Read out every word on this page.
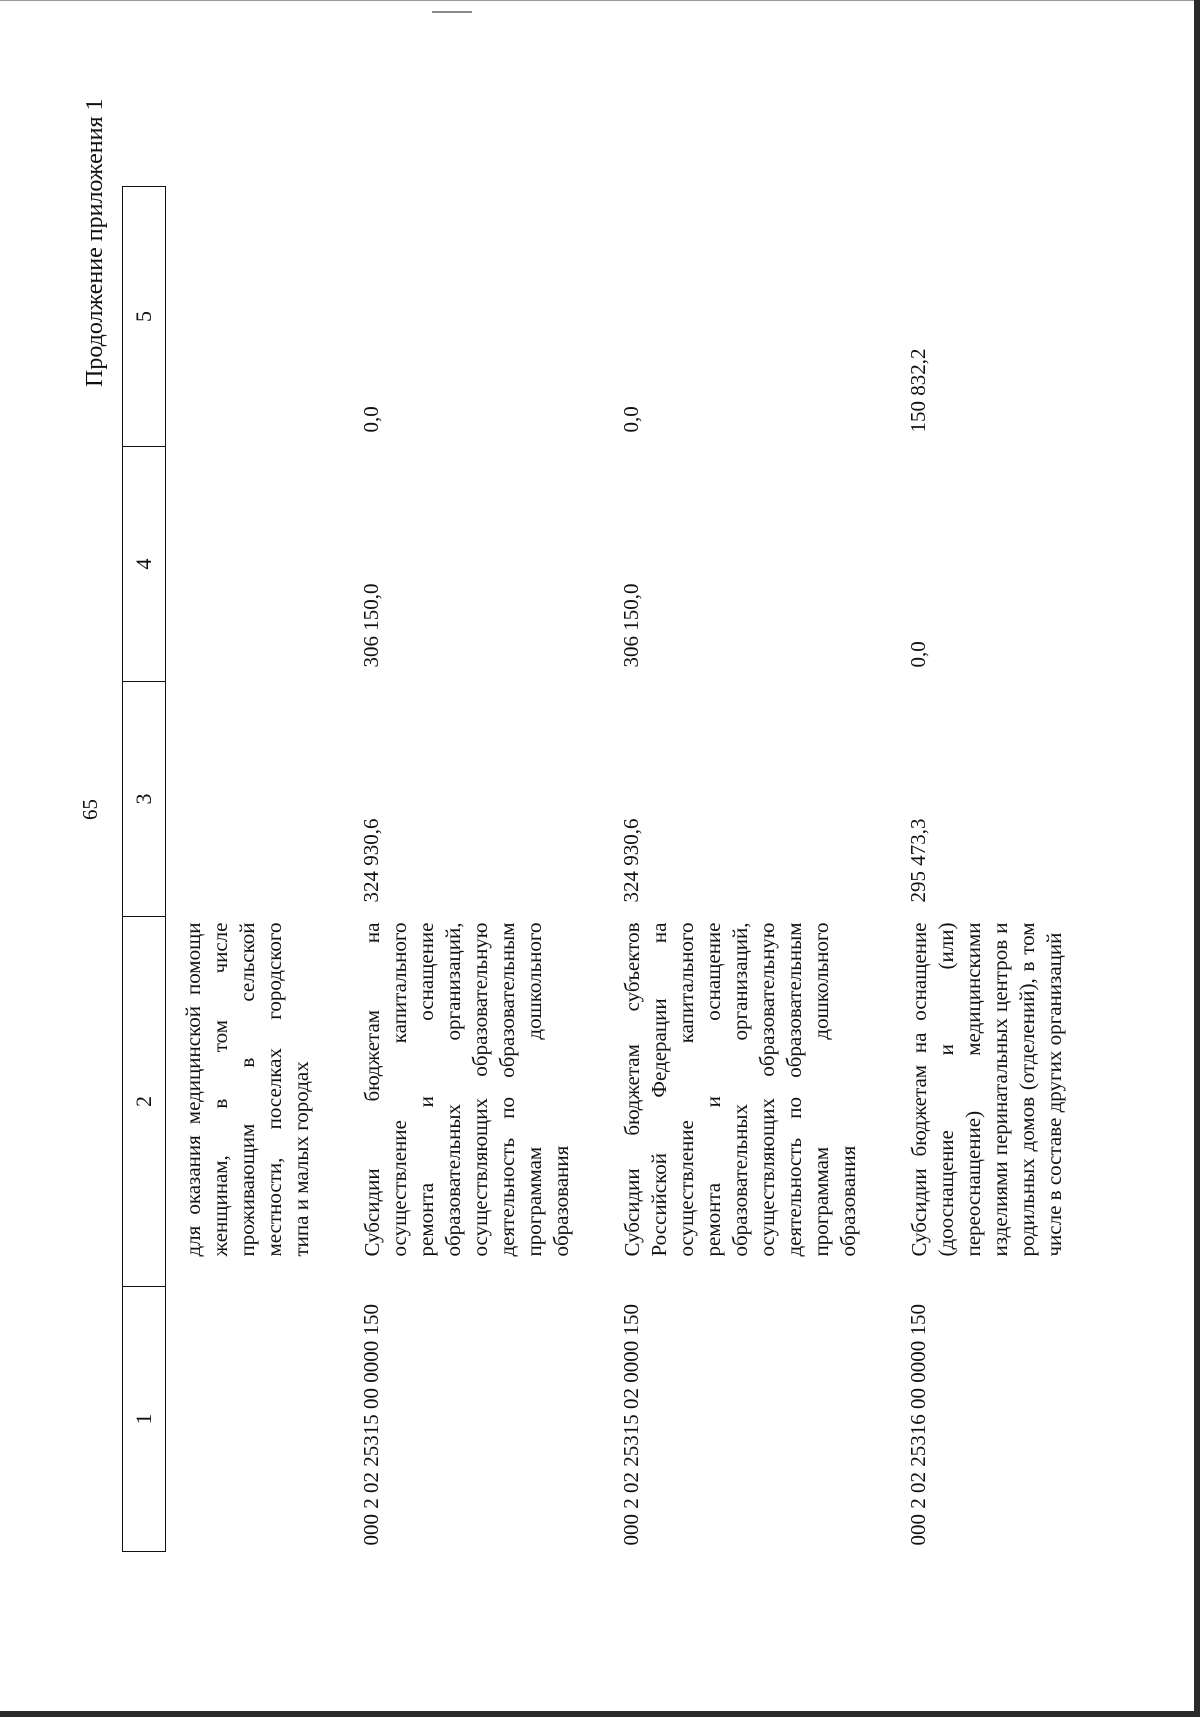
65
Продолжение приложения 1
1	2	3	4	5
	для оказания медицинской помощи женщинам, в том числе проживающим в сельской местности, поселках городского типа и малых городах			
000 2 02 25315 00 0000 150	Субсидии бюджетам на осуществление капитального ремонта и оснащение образовательных организаций, осуществляющих образовательную деятельность по образовательным программам дошкольного образования	324 930,6	306 150,0	0,0
000 2 02 25315 02 0000 150	Субсидии бюджетам субъектов Российской Федерации на осуществление капитального ремонта и оснащение образовательных организаций, осуществляющих образовательную деятельность по образовательным программам дошкольного образования	324 930,6	306 150,0	0,0
000 2 02 25316 00 0000 150	Субсидии бюджетам на оснащение (дооснащение и (или) переоснащение) медицинскими изделиями перинатальных центров и родильных домов (отделений), в том числе в составе других организаций	295 473,3	0,0	150 832,2
